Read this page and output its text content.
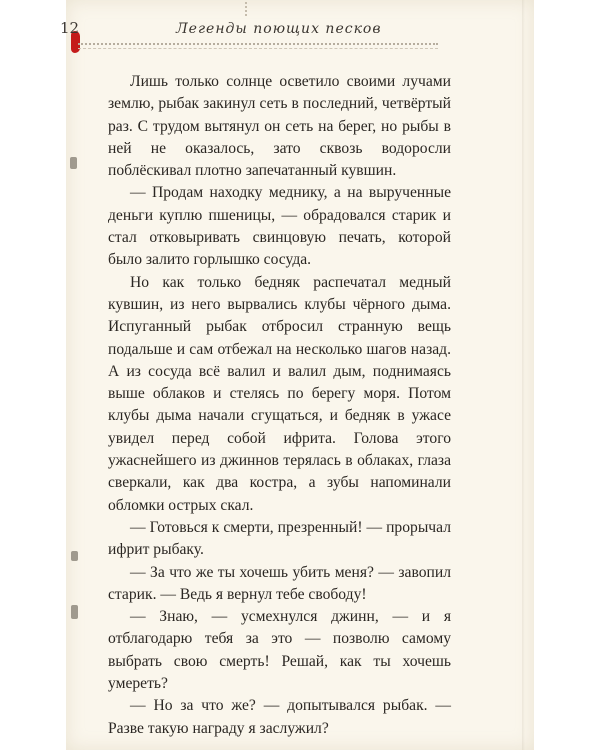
12	Легенды поющих песков

Лишь только солнце осветило своими лучами землю, рыбак закинул сеть в последний, четвёртый раз. С трудом вытянул он сеть на берег, но рыбы в ней не оказалось, зато сквозь водоросли поблёскивал плотно запечатанный кувшин.

— Продам находку меднику, а на вырученные деньги куплю пшеницы, — обрадовался старик и стал отковыривать свинцовую печать, которой было залито горлышко сосуда.

Но как только бедняк распечатал медный кувшин, из него вырвались клубы чёрного дыма. Испуганный рыбак отбросил странную вещь подальше и сам отбежал на несколько шагов назад. А из сосуда всё валил и валил дым, поднимаясь выше облаков и стелясь по берегу моря. Потом клубы дыма начали сгущаться, и бедняк в ужасе увидел перед собой ифрита. Голова этого ужаснейшего из джиннов терялась в облаках, глаза сверкали, как два костра, а зубы напоминали обломки острых скал.

— Готовься к смерти, презренный! — прорычал ифрит рыбаку.

— За что же ты хочешь убить меня? — завопил старик. — Ведь я вернул тебе свободу!

— Знаю, — усмехнулся джинн, — и я отблагодарю тебя за это — позволю самому выбрать свою смерть! Решай, как ты хочешь умереть?

— Но за что же? — допытывался рыбак. — Разве такую награду я заслужил?
